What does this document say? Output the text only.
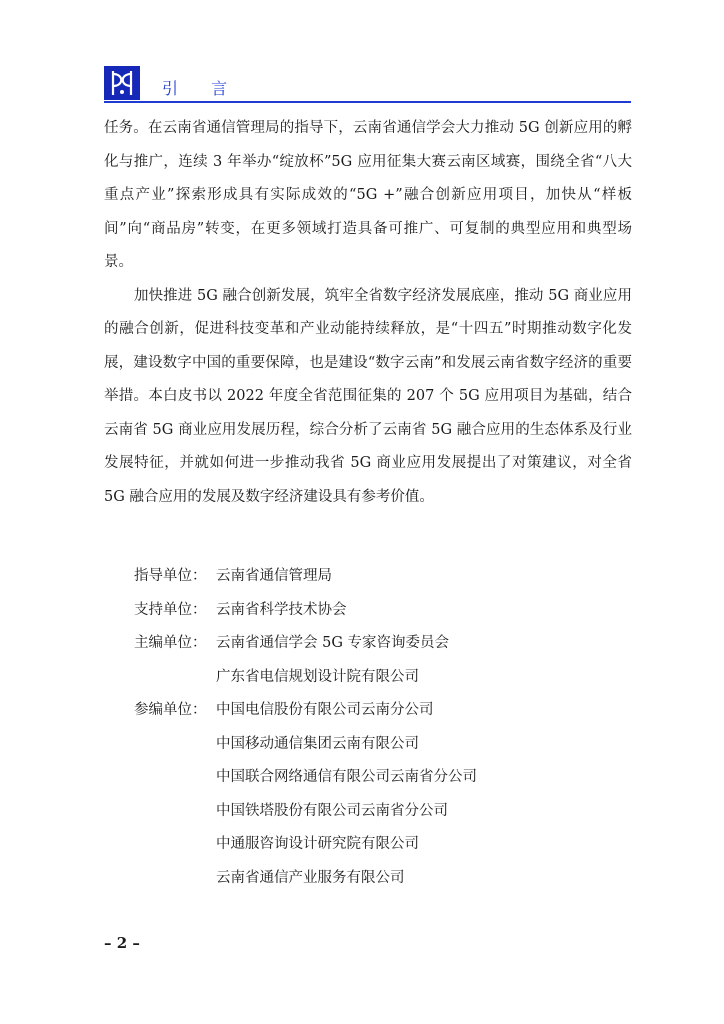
引 言

任务。在云南省通信管理局的指导下，云南省通信学会大力推动 5G 创新应用的孵化与推广，连续 3 年举办“绽放杯”5G 应用征集大赛云南区域赛，围绕全省“八大重点产业”探索形成具有实际成效的“5G +”融合创新应用项目，加快从“样板间”向“商品房”转变，在更多领域打造具备可推广、可复制的典型应用和典型场景。

加快推进 5G 融合创新发展，筑牢全省数字经济发展底座，推动 5G 商业应用的融合创新，促进科技变革和产业动能持续释放，是“十四五”时期推动数字化发展，建设数字中国的重要保障，也是建设“数字云南”和发展云南省数字经济的重要举措。本白皮书以 2022 年度全省范围征集的 207 个 5G 应用项目为基础，结合云南省 5G 商业应用发展历程，综合分析了云南省 5G 融合应用的生态体系及行业发展特征，并就如何进一步推动我省 5G 商业应用发展提出了对策建议，对全省 5G 融合应用的发展及数字经济建设具有参考价值。

指导单位： 云南省通信管理局
支持单位： 云南省科学技术协会
主编单位： 云南省通信学会 5G 专家咨询委员会
广东省电信规划设计院有限公司
参编单位： 中国电信股份有限公司云南分公司
中国移动通信集团云南有限公司
中国联合网络通信有限公司云南省分公司
中国铁塔股份有限公司云南省分公司
中通服咨询设计研究院有限公司
云南省通信产业服务有限公司
– 2 –
